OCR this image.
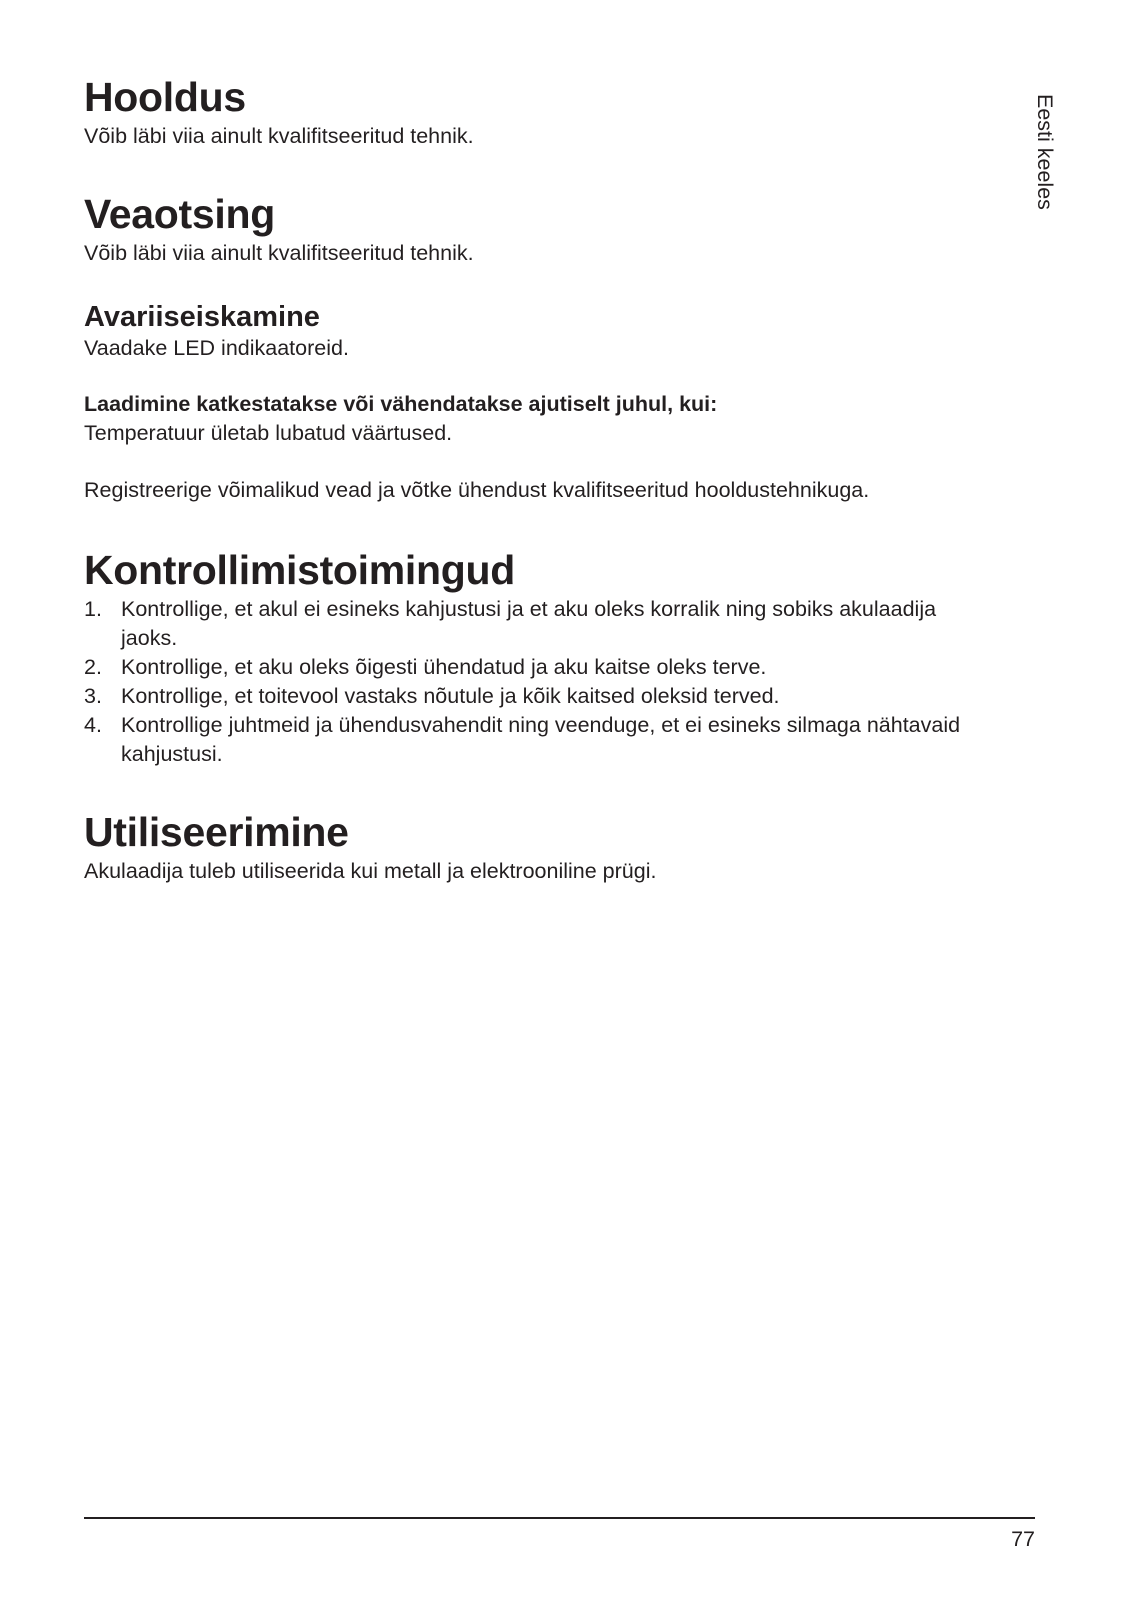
Eesti keeles
Hooldus

Võib läbi viia ainult kvalifitseeritud tehnik.

Veaotsing

Võib läbi viia ainult kvalifitseeritud tehnik.

Avariiseiskamine

Vaadake LED indikaatoreid.

Laadimine katkestatakse või vähendatakse ajutiselt juhul, kui:

Temperatuur ületab lubatud väärtused.

Registreerige võimalikud vead ja võtke ühendust kvalifitseeritud hooldustehnikuga.

Kontrollimistoimingud
1. Kontrollige, et akul ei esineks kahjustusi ja et aku oleks korralik ning sobiks akulaadija jaoks.
2. Kontrollige, et aku oleks õigesti ühendatud ja aku kaitse oleks terve.
3. Kontrollige, et toitevool vastaks nõutule ja kõik kaitsed oleksid terved.
4. Kontrollige juhtmeid ja ühendusvahendit ning veenduge, et ei esineks silmaga nähtavaid kahjustusi.
Utiliseerimine

Akulaadija tuleb utiliseerida kui metall ja elektrooniline prügi.

77
